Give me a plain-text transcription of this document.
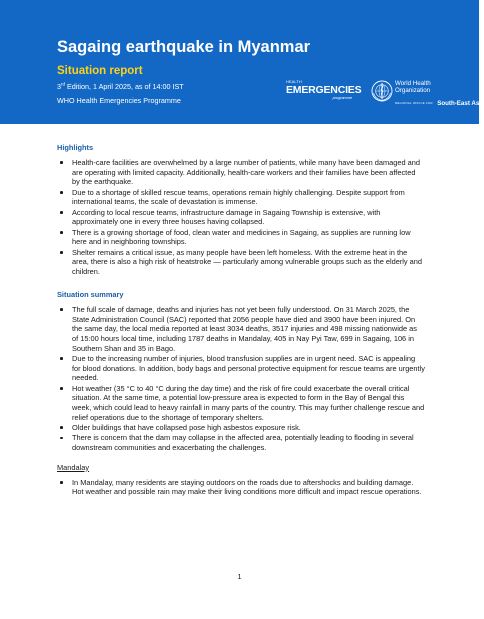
Sagaing earthquake in Myanmar
Situation report
3rd Edition, 1 April 2025, as of 14:00 IST
WHO Health Emergencies Programme
HEALTH
EMERGENCIES
programme
World Health
Organization
REGIONAL OFFICE FOR South-East Asia
Highlights
Health-care facilities are overwhelmed by a large number of patients, while many have been damaged and are operating with limited capacity. Additionally, health-care workers and their families have been affected by the earthquake.
Due to a shortage of skilled rescue teams, operations remain highly challenging. Despite support from international teams, the scale of devastation is immense.
According to local rescue teams, infrastructure damage in Sagaing Township is extensive, with approximately one in every three houses having collapsed.
There is a growing shortage of food, clean water and medicines in Sagaing, as supplies are running low here and in neighboring townships.
Shelter remains a critical issue, as many people have been left homeless. With the extreme heat in the area, there is also a high risk of heatstroke — particularly among vulnerable groups such as the elderly and children.
Situation summary
The full scale of damage, deaths and injuries has not yet been fully understood. On 31 March 2025, the State Administration Council (SAC) reported that 2056 people have died and 3900 have been injured. On the same day, the local media reported at least 3034 deaths, 3517 injuries and 498 missing nationwide as of 15:00 hours local time, including 1787 deaths in Mandalay, 405 in Nay Pyi Taw, 699 in Sagaing, 106 in Southern Shan and 35 in Bago.
Due to the increasing number of injuries, blood transfusion supplies are in urgent need. SAC is appealing for blood donations. In addition, body bags and personal protective equipment for rescue teams are urgently needed.
Hot weather (35 °C to 40 °C during the day time) and the risk of fire could exacerbate the overall critical situation. At the same time, a potential low-pressure area is expected to form in the Bay of Bengal this week, which could lead to heavy rainfall in many parts of the country. This may further challenge rescue and relief operations due to the shortage of temporary shelters.
Older buildings that have collapsed pose high asbestos exposure risk.
There is concern that the dam may collapse in the affected area, potentially leading to flooding in several downstream communities and exacerbating the challenges.
Mandalay
In Mandalay, many residents are staying outdoors on the roads due to aftershocks and building damage. Hot weather and possible rain may make their living conditions more difficult and impact rescue operations.
1
